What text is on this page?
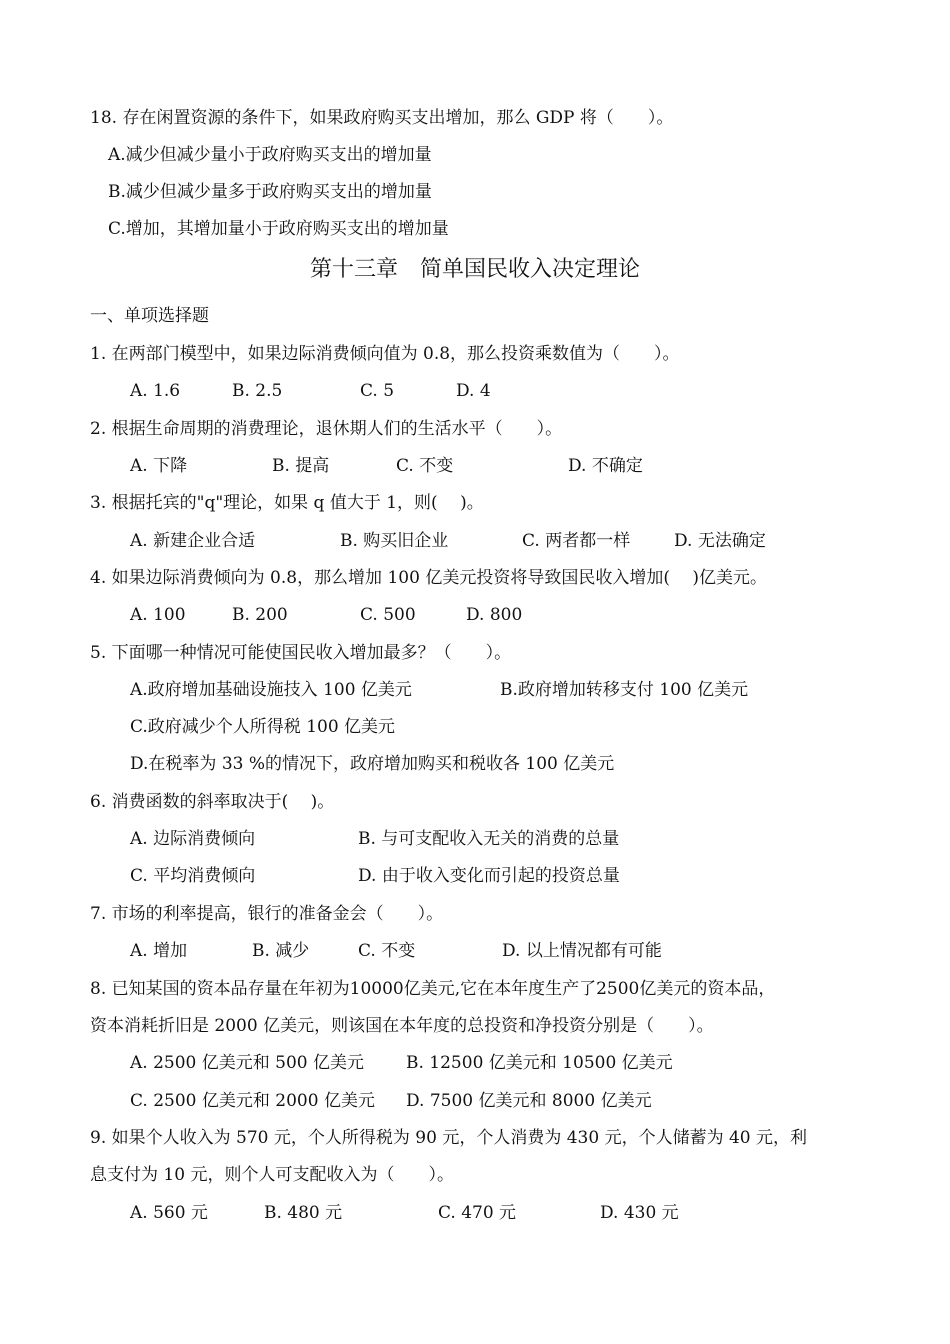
18. 存在闲置资源的条件下，如果政府购买支出增加，那么 GDP 将（　　）。
A.减少但减少量小于政府购买支出的增加量
B.减少但减少量多于政府购买支出的增加量
C.增加，其增加量小于政府购买支出的增加量
第十三章　简单国民收入决定理论
一、单项选择题
1. 在两部门模型中，如果边际消费倾向值为 0.8，那么投资乘数值为（　　）。
A. 1.6	B. 2.5	C. 5	D. 4
2. 根据生命周期的消费理论，退休期人们的生活水平（　　）。
A. 下降	B. 提高	C. 不变	D. 不确定
3. 根据托宾的"q"理论，如果 q 值大于 1，则(　 )。
A. 新建企业合适	B. 购买旧企业	C. 两者都一样	D. 无法确定
4. 如果边际消费倾向为 0.8，那么增加 100 亿美元投资将导致国民收入增加(　 )亿美元。
A. 100	B. 200	C. 500	D. 800
5. 下面哪一种情况可能使国民收入增加最多？（　　）。
A.政府增加基础设施技入 100 亿美元	B.政府增加转移支付 100 亿美元
C.政府减少个人所得税 100 亿美元
D.在税率为 33 %的情况下，政府增加购买和税收各 100 亿美元
6. 消费函数的斜率取决于(　 )。
A. 边际消费倾向	B. 与可支配收入无关的消费的总量
C. 平均消费倾向	D. 由于收入变化而引起的投资总量
7. 市场的利率提高，银行的准备金会（　　）。
A. 增加	B. 减少	C. 不变	D. 以上情况都有可能
8. 已知某国的资本品存量在年初为10000亿美元,它在本年度生产了2500亿美元的资本品，
资本消耗折旧是 2000 亿美元，则该国在本年度的总投资和净投资分别是（　　）。
A. 2500 亿美元和 500 亿美元 B. 12500 亿美元和 10500 亿美元
C. 2500 亿美元和 2000 亿美元 D. 7500 亿美元和 8000 亿美元
9. 如果个人收入为 570 元，个人所得税为 90 元，个人消费为 430 元，个人储蓄为 40 元，利
息支付为 10 元，则个人可支配收入为（　　）。
A. 560 元	B. 480 元	C. 470 元	D. 430 元
